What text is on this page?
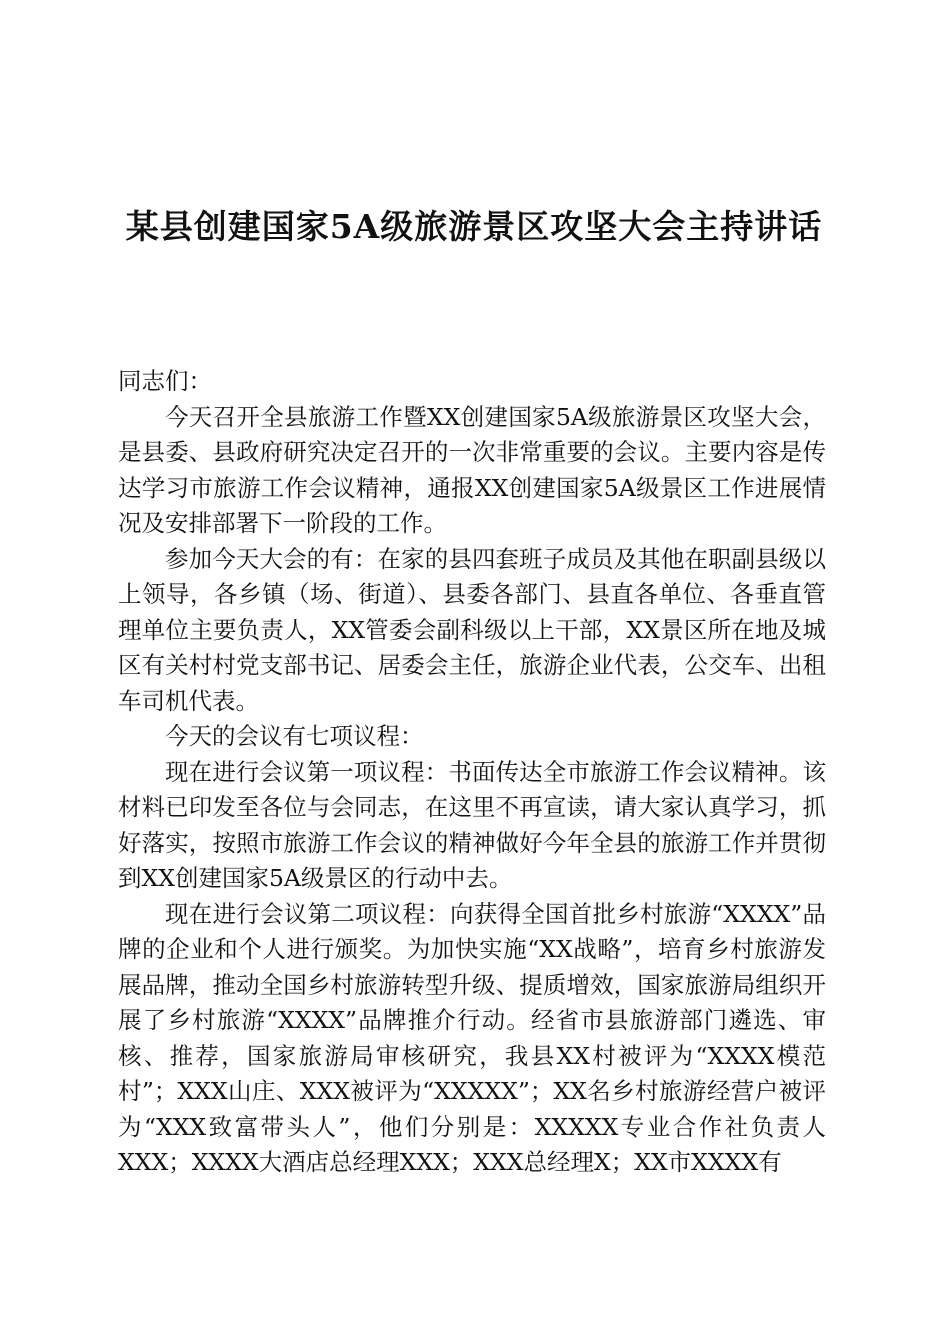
某县创建国家5A级旅游景区攻坚大会主持讲话

同志们：

今天召开全县旅游工作暨XX创建国家5A级旅游景区攻坚大会，是县委、县政府研究决定召开的一次非常重要的会议。主要内容是传达学习市旅游工作会议精神，通报XX创建国家5A级景区工作进展情况及安排部署下一阶段的工作。

参加今天大会的有：在家的县四套班子成员及其他在职副县级以上领导，各乡镇（场、街道）、县委各部门、县直各单位、各垂直管理单位主要负责人，XX管委会副科级以上干部，XX景区所在地及城区有关村村党支部书记、居委会主任，旅游企业代表，公交车、出租车司机代表。

今天的会议有七项议程：

现在进行会议第一项议程：书面传达全市旅游工作会议精神。该材料已印发至各位与会同志，在这里不再宣读，请大家认真学习，抓好落实，按照市旅游工作会议的精神做好今年全县的旅游工作并贯彻到XX创建国家5A级景区的行动中去。

现在进行会议第二项议程：向获得全国首批乡村旅游“XXXX”品牌的企业和个人进行颁奖。为加快实施“XX战略”，培育乡村旅游发展品牌，推动全国乡村旅游转型升级、提质增效，国家旅游局组织开展了乡村旅游“XXXX”品牌推介行动。经省市县旅游部门遴选、审核、推荐，国家旅游局审核研究，我县XX村被评为“XXXX模范村”；XXX山庄、XXX被评为“XXXXX”；XX名乡村旅游经营户被评为“XXX致富带头人”，他们分别是：XXXXX专业合作社负责人XXX；XXXX大酒店总经理XXX；XXX总经理X；XX市XXXX有
